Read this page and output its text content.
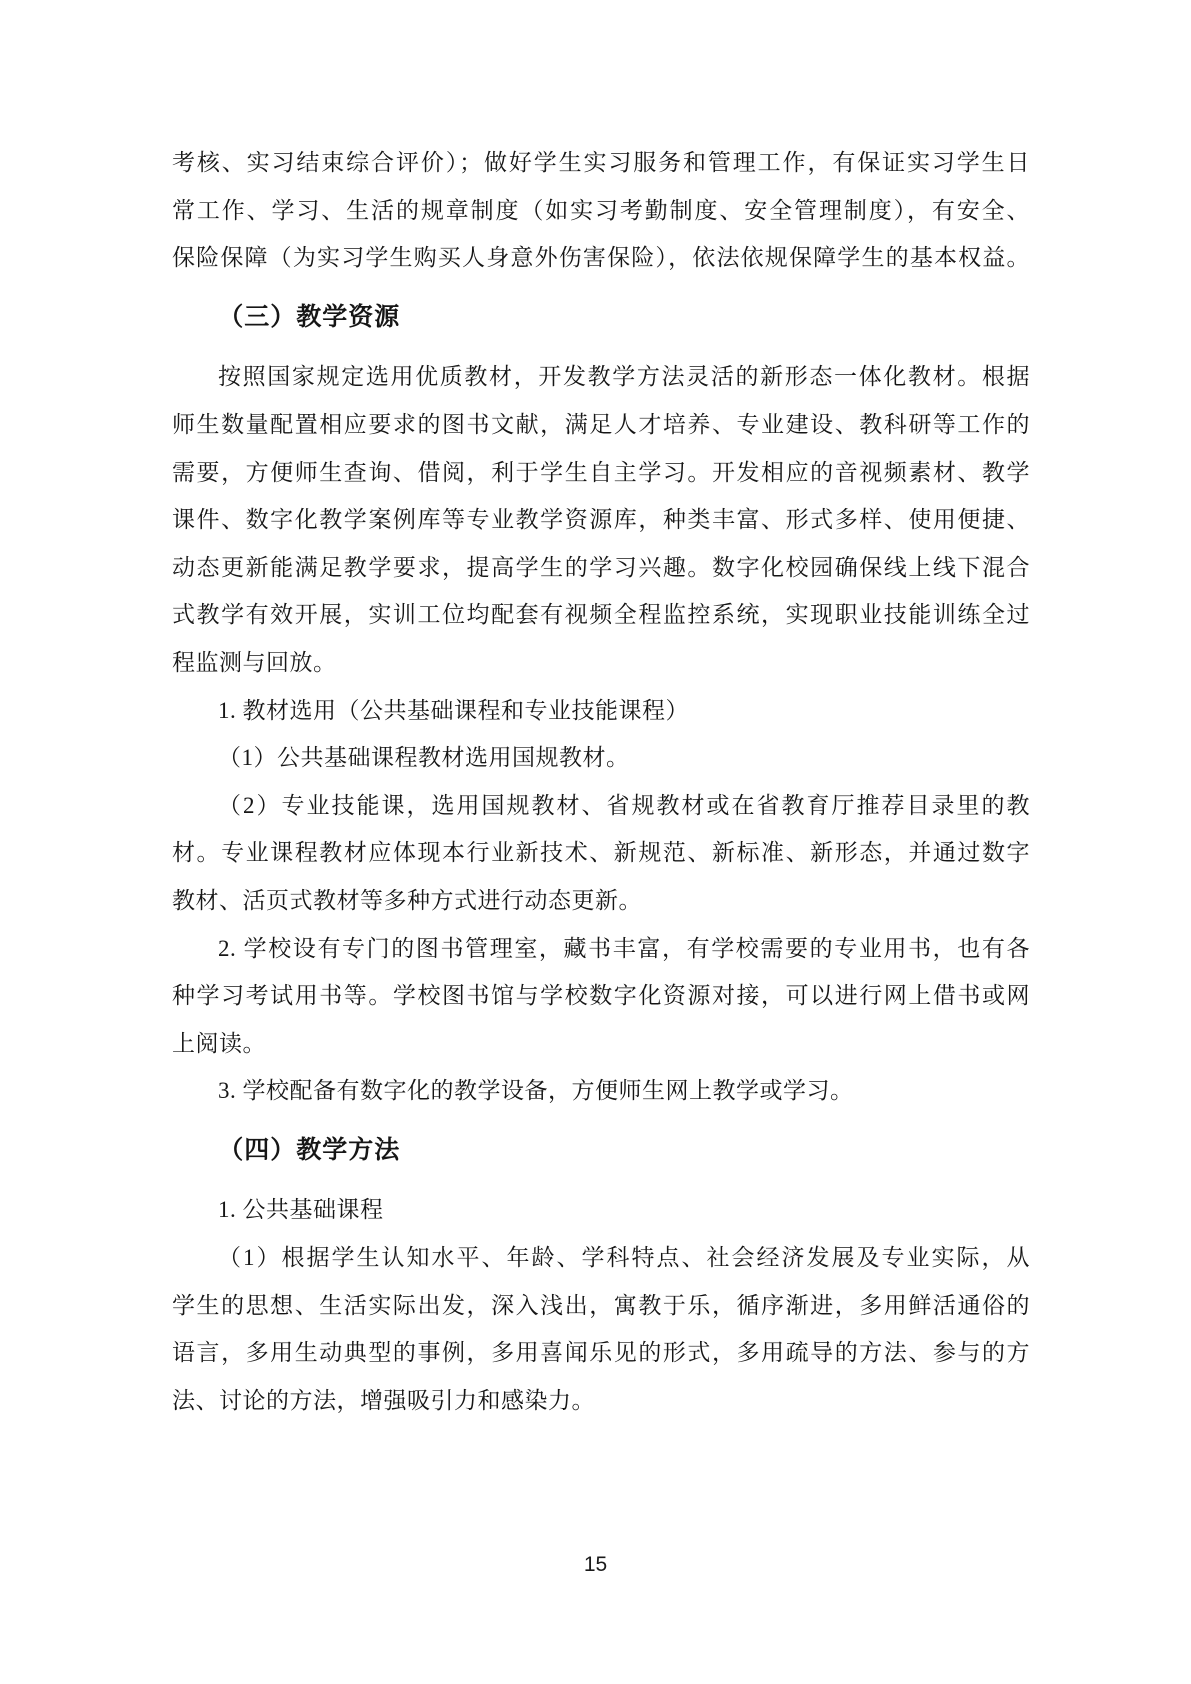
考核、实习结束综合评价）；做好学生实习服务和管理工作，有保证实习学生日
常工作、学习、生活的规章制度（如实习考勤制度、安全管理制度），有安全、
保险保障（为实习学生购买人身意外伤害保险），依法依规保障学生的基本权益。
（三）教学资源
按照国家规定选用优质教材，开发教学方法灵活的新形态一体化教材。根据
师生数量配置相应要求的图书文献，满足人才培养、专业建设、教科研等工作的
需要，方便师生查询、借阅，利于学生自主学习。开发相应的音视频素材、教学
课件、数字化教学案例库等专业教学资源库，种类丰富、形式多样、使用便捷、
动态更新能满足教学要求，提高学生的学习兴趣。数字化校园确保线上线下混合
式教学有效开展，实训工位均配套有视频全程监控系统，实现职业技能训练全过
程监测与回放。
1. 教材选用（公共基础课程和专业技能课程）
（1）公共基础课程教材选用国规教材。
（2）专业技能课，选用国规教材、省规教材或在省教育厅推荐目录里的教
材。专业课程教材应体现本行业新技术、新规范、新标准、新形态，并通过数字
教材、活页式教材等多种方式进行动态更新。
2. 学校设有专门的图书管理室，藏书丰富，有学校需要的专业用书，也有各
种学习考试用书等。学校图书馆与学校数字化资源对接，可以进行网上借书或网
上阅读。
3. 学校配备有数字化的教学设备，方便师生网上教学或学习。
（四）教学方法
1. 公共基础课程
（1）根据学生认知水平、年龄、学科特点、社会经济发展及专业实际，从
学生的思想、生活实际出发，深入浅出，寓教于乐，循序渐进，多用鲜活通俗的
语言，多用生动典型的事例，多用喜闻乐见的形式，多用疏导的方法、参与的方
法、讨论的方法，增强吸引力和感染力。
15
